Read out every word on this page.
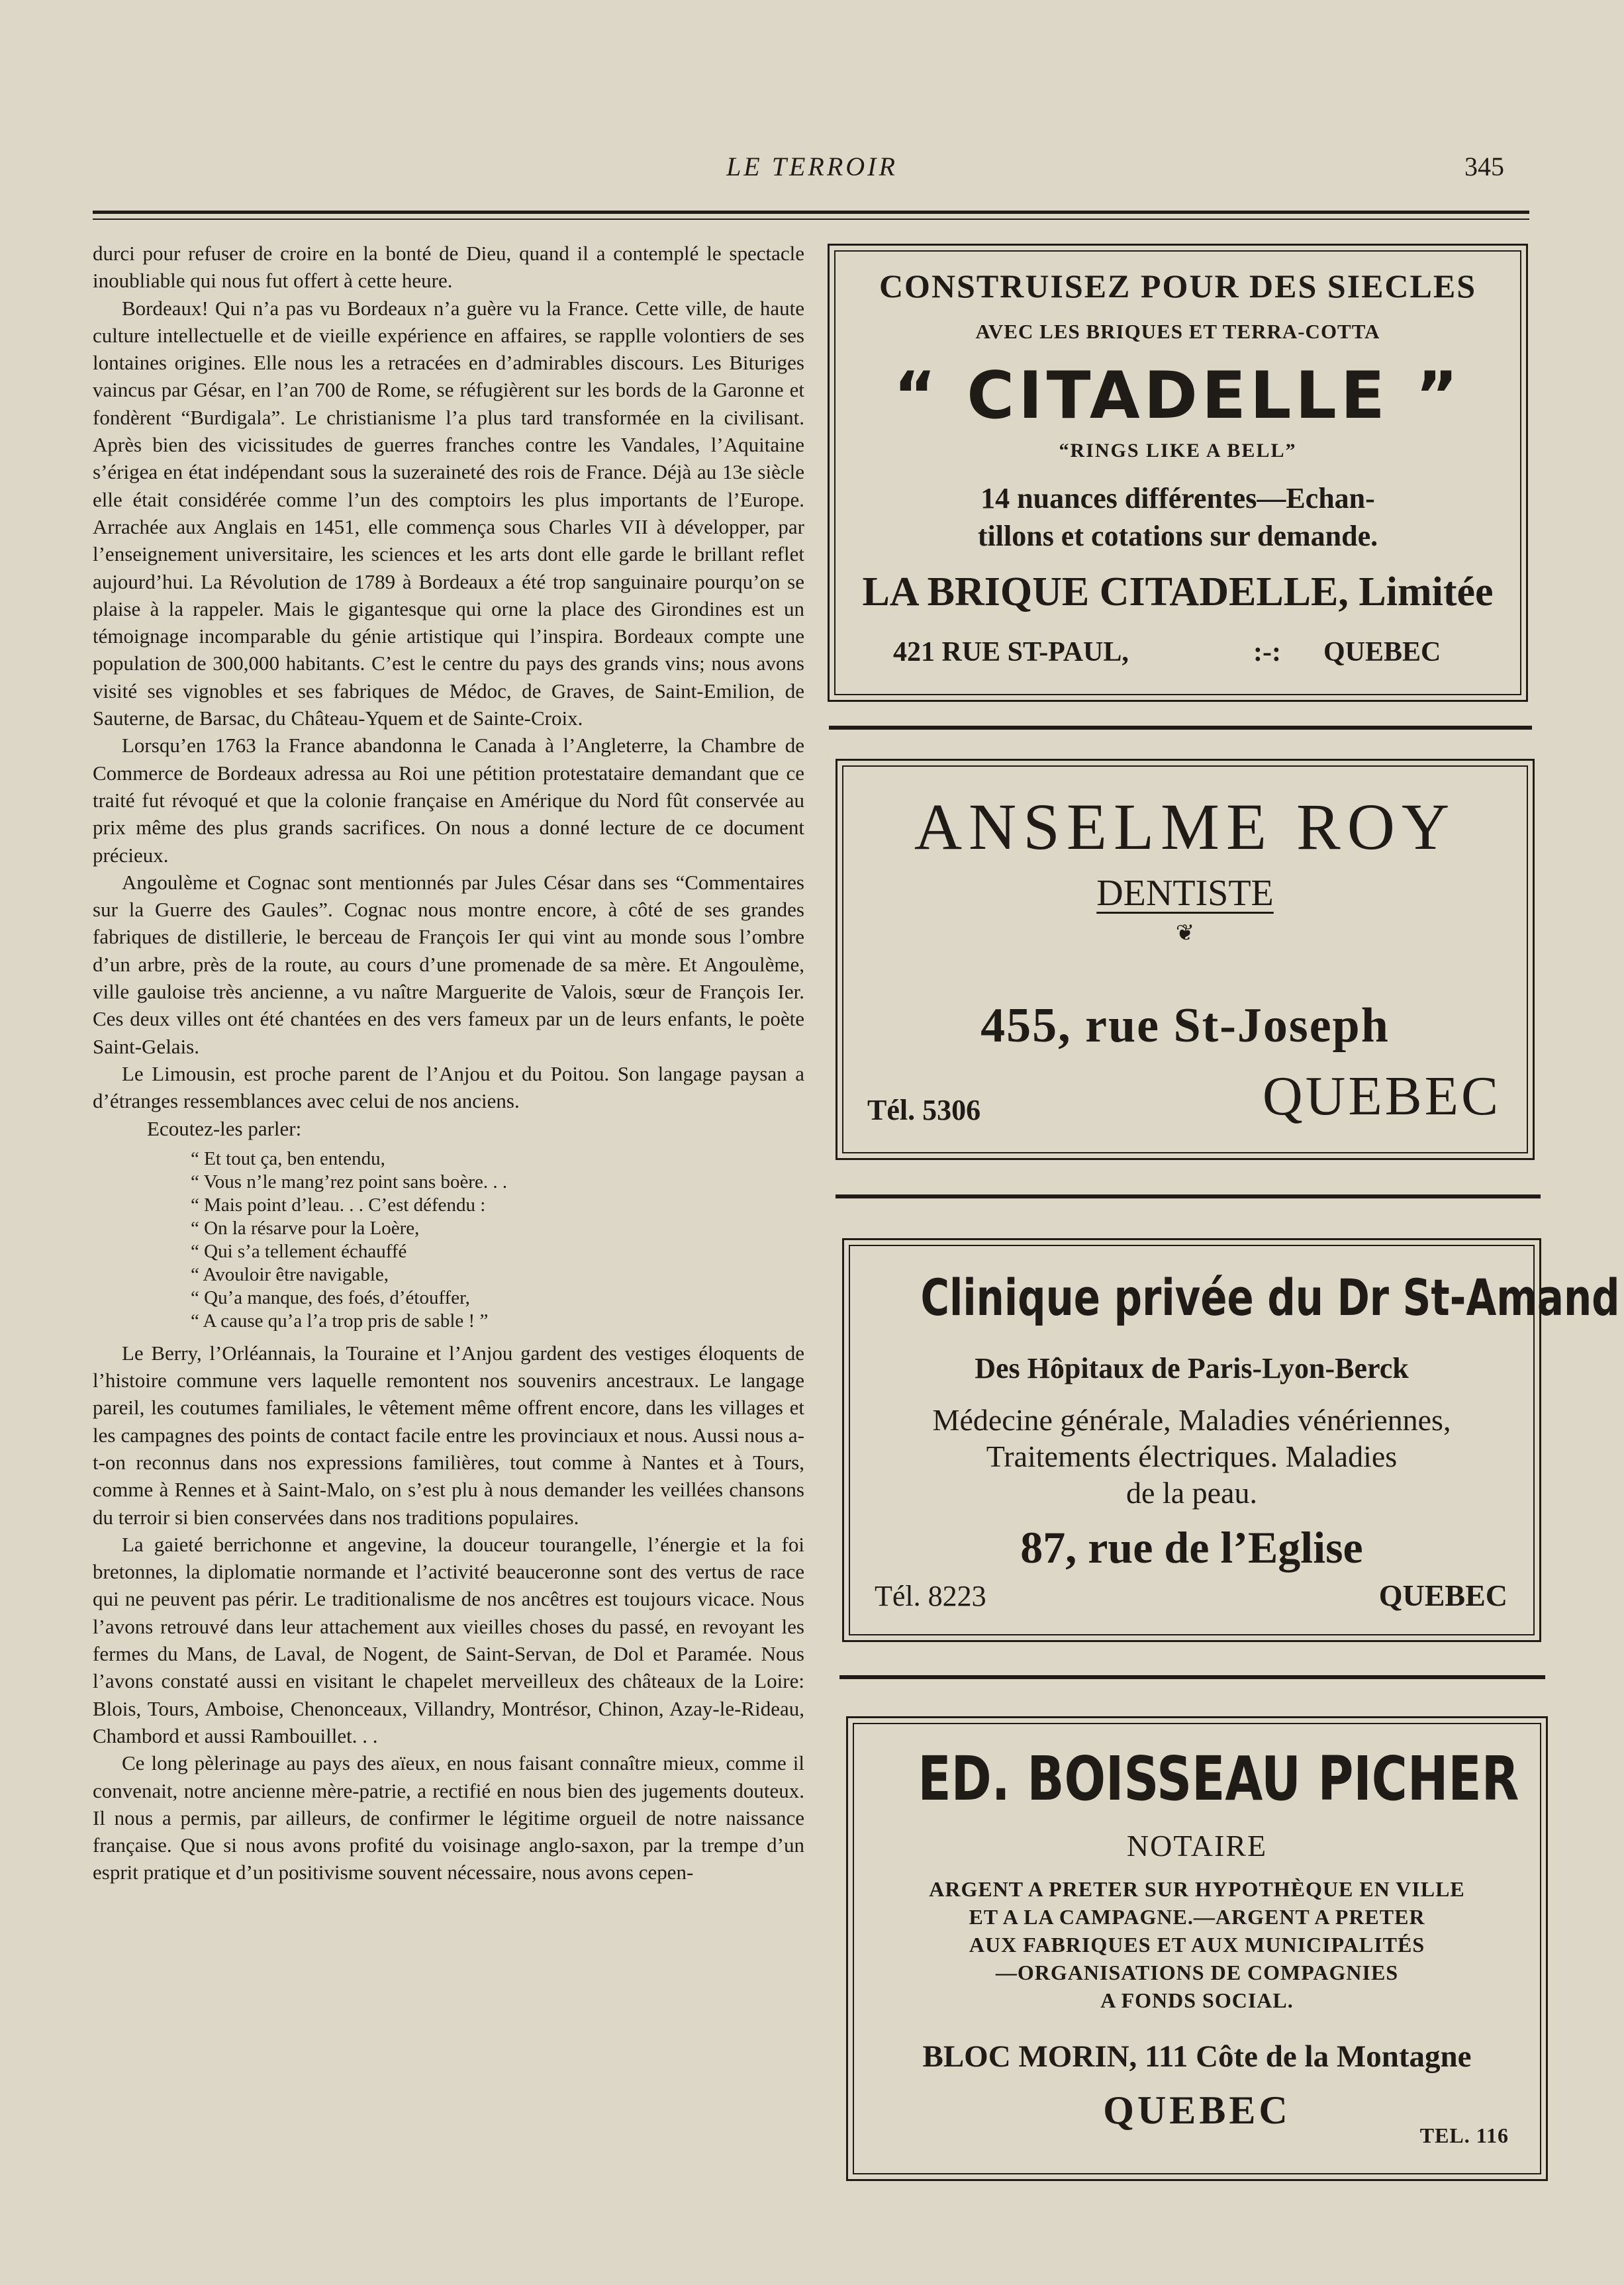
LE TERROIR	345

durci pour refuser de croire en la bonté de Dieu, quand il a contemplé le spectacle inoubliable qui nous fut offert à cette heure.

Bordeaux! Qui n’a pas vu Bordeaux n’a guère vu la France. Cette ville, de haute culture intellectuelle et de vieille expérience en affaires, se rapplle volontiers de ses lontaines origines. Elle nous les a retracées en d’admirables discours. Les Bituriges vaincus par Gésar, en l’an 700 de Rome, se réfugièrent sur les bords de la Garonne et fondèrent “Burdigala”. Le christianisme l’a plus tard transformée en la civilisant. Après bien des vicissitudes de guerres franches contre les Vandales, l’Aquitaine s’érigea en état indépendant sous la suzeraineté des rois de France. Déjà au 13e siècle elle était considérée comme l’un des comptoirs les plus importants de l’Europe. Arrachée aux Anglais en 1451, elle commença sous Charles VII à développer, par l’enseignement universitaire, les sciences et les arts dont elle garde le brillant reflet aujourd’hui. La Révolution de 1789 à Bordeaux a été trop sanguinaire pourqu’on se plaise à la rappeler. Mais le gigantesque qui orne la place des Girondines est un témoignage incomparable du génie artistique qui l’inspira. Bordeaux compte une population de 300,000 habitants. C’est le centre du pays des grands vins; nous avons visité ses vignobles et ses fabriques de Médoc, de Graves, de Saint-Emilion, de Sauterne, de Barsac, du Château-Yquem et de Sainte-Croix.

Lorsqu’en 1763 la France abandonna le Canada à l’Angleterre, la Chambre de Commerce de Bordeaux adressa au Roi une pétition protestataire demandant que ce traité fut révoqué et que la colonie française en Amérique du Nord fût conservée au prix même des plus grands sacrifices. On nous a donné lecture de ce document précieux.

Angoulème et Cognac sont mentionnés par Jules César dans ses “Commentaires sur la Guerre des Gaules”. Cognac nous montre encore, à côté de ses grandes fabriques de distillerie, le berceau de François Ier qui vint au monde sous l’ombre d’un arbre, près de la route, au cours d’une promenade de sa mère. Et Angoulème, ville gauloise très ancienne, a vu naître Marguerite de Valois, sœur de François Ier. Ces deux villes ont été chantées en des vers fameux par un de leurs enfants, le poète Saint-Gelais.

Le Limousin, est proche parent de l’Anjou et du Poitou. Son langage paysan a d’étranges ressemblances avec celui de nos anciens.

Ecoutez-les parler:

“ Et tout ça, ben entendu,
“ Vous n’le mang’rez point sans boère. . .
“ Mais point d’leau. . . C’est défendu :
“ On la résarve pour la Loère,
“ Qui s’a tellement échauffé
“ Avouloir être navigable,
“ Qu’a manque, des foés, d’étouffer,
“ A cause qu’a l’a trop pris de sable ! ”

Le Berry, l’Orléannais, la Touraine et l’Anjou gardent des vestiges éloquents de l’histoire commune vers laquelle remontent nos souvenirs ancestraux. Le langage pareil, les coutumes familiales, le vêtement même offrent encore, dans les villages et les campagnes des points de contact facile entre les provinciaux et nous. Aussi nous a-t-on reconnus dans nos expressions familières, tout comme à Nantes et à Tours, comme à Rennes et à Saint-Malo, on s’est plu à nous demander les veillées chansons du terroir si bien conservées dans nos traditions populaires.

La gaieté berrichonne et angevine, la douceur tourangelle, l’énergie et la foi bretonnes, la diplomatie normande et l’activité beauceronne sont des vertus de race qui ne peuvent pas périr. Le traditionalisme de nos ancêtres est toujours vicace. Nous l’avons retrouvé dans leur attachement aux vieilles choses du passé, en revoyant les fermes du Mans, de Laval, de Nogent, de Saint-Servan, de Dol et Paramée. Nous l’avons constaté aussi en visitant le chapelet merveilleux des châteaux de la Loire: Blois, Tours, Amboise, Chenonceaux, Villandry, Montrésor, Chinon, Azay-le-Rideau, Chambord et aussi Rambouillet. . .

Ce long pèlerinage au pays des aïeux, en nous faisant connaître mieux, comme il convenait, notre ancienne mère-patrie, a rectifié en nous bien des jugements douteux. Il nous a permis, par ailleurs, de confirmer le légitime orgueil de notre naissance française. Que si nous avons profité du voisinage anglo-saxon, par la trempe d’un esprit pratique et d’un positivisme souvent nécessaire, nous avons cepen-

CONSTRUISEZ POUR DES SIECLES
AVEC LES BRIQUES ET TERRA-COTTA
“ CITADELLE ”
“RINGS LIKE A BELL”
14 nuances différentes—Echan-
tillons et cotations sur demande.
LA BRIQUE CITADELLE, Limitée
421 RUE ST-PAUL,	:-: QUEBEC
ANSELME ROY
DENTISTE
❦
455, rue St-Joseph
Tél. 5306	QUEBEC
Clinique privée du Dr St-Amand
Des Hôpitaux de Paris-Lyon-Berck
Médecine générale, Maladies vénériennes,
Traitements électriques. Maladies
de la peau.
87, rue de l’Eglise
Tél. 8223	QUEBEC
ED. BOISSEAU PICHER
NOTAIRE
ARGENT A PRETER SUR HYPOTHÈQUE EN VILLE
ET A LA CAMPAGNE.—ARGENT A PRETER
AUX FABRIQUES ET AUX MUNICIPALITÉS
—ORGANISATIONS DE COMPAGNIES
A FONDS SOCIAL.
BLOC MORIN, 111 Côte de la Montagne
QUEBEC
TEL. 116
